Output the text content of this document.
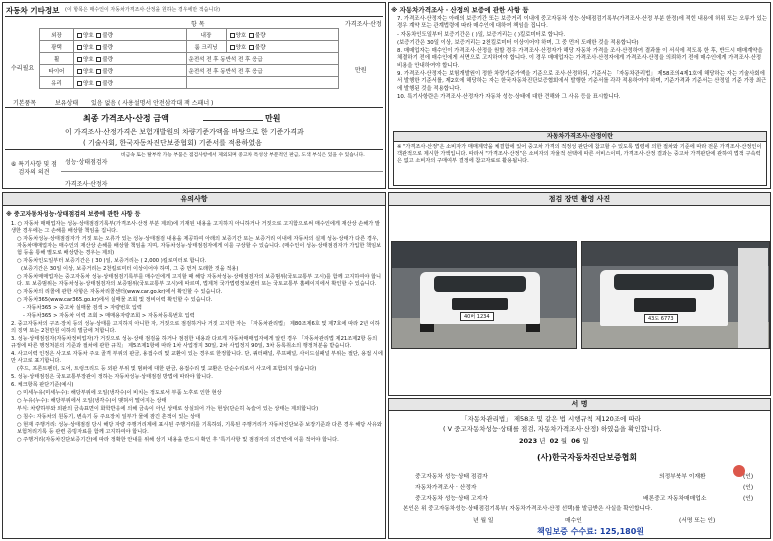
자동차 기타정보 (이 항목은 매수인이 자동차가격조사·산정을 원하는 경우에만 적습니다)
항 목	가격조사·산정
수리필요
외장	양호 불량	내장	양호 불량
광택	양호 불량	룸 크리닝	양호 불량
휠	양호 불량	운전석 전 후 동반석 전 후 응급	
타이어	양호 불량	운전석 전 후 동반석 전 후 응급	
유리	양호 불량		
만원
기본품목	보유상태 있음 없음 ( 사용설명서 안전삼각대 잭 스패너 )
최종 가격조사·산정 금액	만원
이 가격조사·산정가격은 보험개발원의 차량기준가액을 바탕으로 한 기준가격과
( 기술사회, 한국자동차진단보증협회) 기준서를 적용하였음
⑥ 특기사항 및 점검자의 의견
성능·상태점검자
비금속 또는 탈부착 가능 부품은 점검사항에서 제외되며 중고차 특성상 부분적인 판금, 도색 부식은 있을 수 있습니다.
가격조사·산정자
※ 자동차가격조사 · 산정의 보증에 관한 사항 등

7. 가격조사·산정자는 아래의 보증기간 또는 보증거리 이내에 중고자동차 성능·상태점검기록부(가격조사·산정 부분 한정)에 적힌 내용에 허위 또는 오류가 있는 경우 계약 또는 관계법령에 따라 매수인에 대하여 책임을 집니다.

- 자동차인도일부터 보증기간은 ( )일, 보증거리는 ( )킬로미터로 합니다.

(보증기간은 30일 이상, 보증거리는 2천킬로미터 이상이어야 하며, 그 중 먼저 도래한 것을 적용합니다)

8. 매매업자는 매수인이 가격조사·산정을 원할 경우 가격조사·산정자가 해당 자동차 가격을 조사·산정하여 결과를 이 서식에 적도록 한 후, 반드시 매매계약을 체결하기 전에 매수인에게 서면으로 고지하여야 합니다. 이 경우 매매업자는 가격조사·산정자에게 가격조사·산정을 의뢰하기 전에 매수인에게 가격조사·산정 비용을 안내하여야 합니다.

9. 가격조사·산정자는 보험개발원이 정한 차량기준가액을 기준으로 조사·산정하되, 기준서는 「자동차관리법」 제58조의4제1호에 해당하는 자는 기술사회에서 발행한 기준서를, 제2호에 해당하는 자는 한국자동차진단보증협회에서 발행한 기준서를 각각 적용하여야 하며, 기준가격과 기준서는 산정일 기준 가장 최근에 발행된 것을 적용합니다.

10. 특기사항란은 가격조사·산정자가 자동차 성능·상태에 대한 견해와 그 사유 등을 표시합니다.

자동차가격조사·산정이란
※ "가격조사·산정"은 소비자가 매매계약을 체결함에 있어 중고차 가격의 적정성 판단에 참고할 수 있도록 법령에 의한 절차와 기준에 따라 전문 가격조사·산정인이 객관적으로 제시한 가액입니다. 따라서 "가격조사·산정"은 소비자의 자율적 선택에 따른 서비스이며, 가격조사·산정 결과는 중고차 가격판단에 관하여 법적 구속력은 없고 소비자의 구매여부 결정에 참고자료로 활용됩니다.
유의사항
※ 중고자동차성능·상태점검의 보증에 관한 사항 등

1. ○ 자동차 매매업자는 성능·상태점검기록부(가격조사·산정 부분 제외)에 기재된 내용을 고지하지 아니하거나 거짓으로 고지함으로써 매수인에게 재산상 손해가 발생한 경우에는 그 손해를 배상할 책임을 집니다.

○ 자동차성능·상태점검자가 거짓 또는 오류가 있는 성능·상태점검 내용을 제공하여 아래의 보증기간 또는 보증거리 이내에 자동차의 실제 성능·상태가 다른 경우, 자동차매매업자는 매수인의 재산상 손해를 배상할 책임을 지며, 자동차성능·상태점검자에게 이를 구상할 수 있습니다. (매수인이 성능·상태점검자가 가입한 책임보험 등을 통해 별도로 배상받는 경우는 제외)

○ 자동차인도일부터 보증기간은 ( 30 )일, 보증거리는 ( 2,000 )킬로미터로 합니다.

(보증기간은 30일 이상, 보증거리는 2천킬로미터 이상이어야 하며, 그 중 먼저 도래한 것을 적용)

○ 자동차매매업자는 중고자동차 성능·상태점검기록부를 매수인에게 고지할 때 해당 자동차성능·상태점검자의 보증범위(국토교통부 고시)를 함께 고지하여야 합니다. 또 보증범위는 자동차성능·상태점검자의 보증범위(국토교통부 고시)에 따르며, 법제처 국가법령정보센터 또는 국토교통부 홈페이지에서 확인할 수 있습니다.

○ 자동차의 리콜에 관한 사항은 자동차리콜센터(www.car.go.kr)에서 확인할 수 있습니다.

○ 자동차365(www.car365.go.kr)에서 실매물 조회 및 정비이력 확인할 수 있습니다.

- 자동차365 > 중고차 실매물 검색 > 자량번호 입력

- 자동차365 > 자동차 이력 조회 > 매매용자량조회 > 자동차등록번호 입력

2. 중고자동차의 구조·장치 등의 성능·상태를 고지하지 아니한 자, 거짓으로 점검하거나 거짓 고지한 자는 「자동차관리법」 제80조제6호 및 제7호에 따라 2년 이하의 징역 또는 2천만원 이하의 벌금에 처합니다.

3. 성능·상태점검자(자동차정비업자)가 거짓으로 성능·상태 점검을 하거나 점검한 내용과 다르게 자동차매매업자에게 알린 경우 「자동차관리법 제21조제2항 등의 규정에 따른 행정처분의 기준과 절차에 관한 규칙」 제5조제1항에 따라 1차 사업정지 30일, 2차 사업정지 90일, 3차 등록취소의 행정처분을 받습니다.

4. 사고이력 인정은 사고로 자동차 주요 골격 부위의 판금, 용접수리 및 교환이 있는 경우로 한정합니다. 단, 쿼터패널, 루프패널, 사이드실패널 부위는 절단, 용접 시에만 사고로 표기합니다.

(후드, 프론트펜더, 도어, 트렁크리드 등 외판 부위 및 범퍼에 대한 판금, 용접수리 및 교환은 단순수리로서 사고에 포함되지 않습니다)

5. 성능·상태점검은 국토교통부장관이 정하는 자동차성능·상태점검 방법에 따라야 합니다.

6. 체크항목 판단기준(예시)

○ 미세누유(미세누수): 해당부위에 오일(냉각수)이 비치는 정도로서 부품 노후로 인한 현상

○ 누유(누수): 해당부위에서 오일(냉각수)이 맺혀서 떨어지는 상태

부식: 차량하부와 외판의 금속표면이 화학반응에 의해 금속이 아닌 상태로 상실되어 가는 현상(단순히 녹슬어 있는 상태는 제외합니다)

○ 침수: 자동차의 원동기, 변속기 등 주요장치 일부가 물에 잠긴 흔적이 있는 상태

○ 현재 주행거리: 성능·상태점검 당시 해당 자량 주행거리계에 표시된 주행거리를 기록하되, 기록된 주행거리가 자동차진단보증 보장기준과 다른 경우 해당 사유와 보험처리기록 등 관련 증빙자료를 함께 고지하여야 합니다.

○ 주행거리(자동차진단보증기간)에 따라 정확한 안내를 위해 상기 내용을 반드시 확인 후 '특기사항 및 점검자의 의견'란에 이를 적어야 합니다.

점검 장면 촬영 사진
40버 1234	43도 6773
서 명
「자동차관리법」 제58조 및 같은 법 시행규칙 제120조에 따라
( V 중고자동차성능·상태를 점검, 자동차가격조사·산정) 하였음을 확인합니다.
2023 년 02 월 06 일
(사)한국자동차진단보증협회
중고자동차 성능·상태 점검자	의정부북부 이재환	(인)
자동차가격조사 · 산정자	(인)
중고자동차 성능·상태 고지자	배론중고 자동차매매업소	(인)
본인은 위 중고자동차성능·상태점검기록부( 자동차가격조사·산정 선택)를 발급받은 사실을 확인합니다.
년 월 일	매수인	(서명 또는 인)
책임보증 수수료: 125,180원
